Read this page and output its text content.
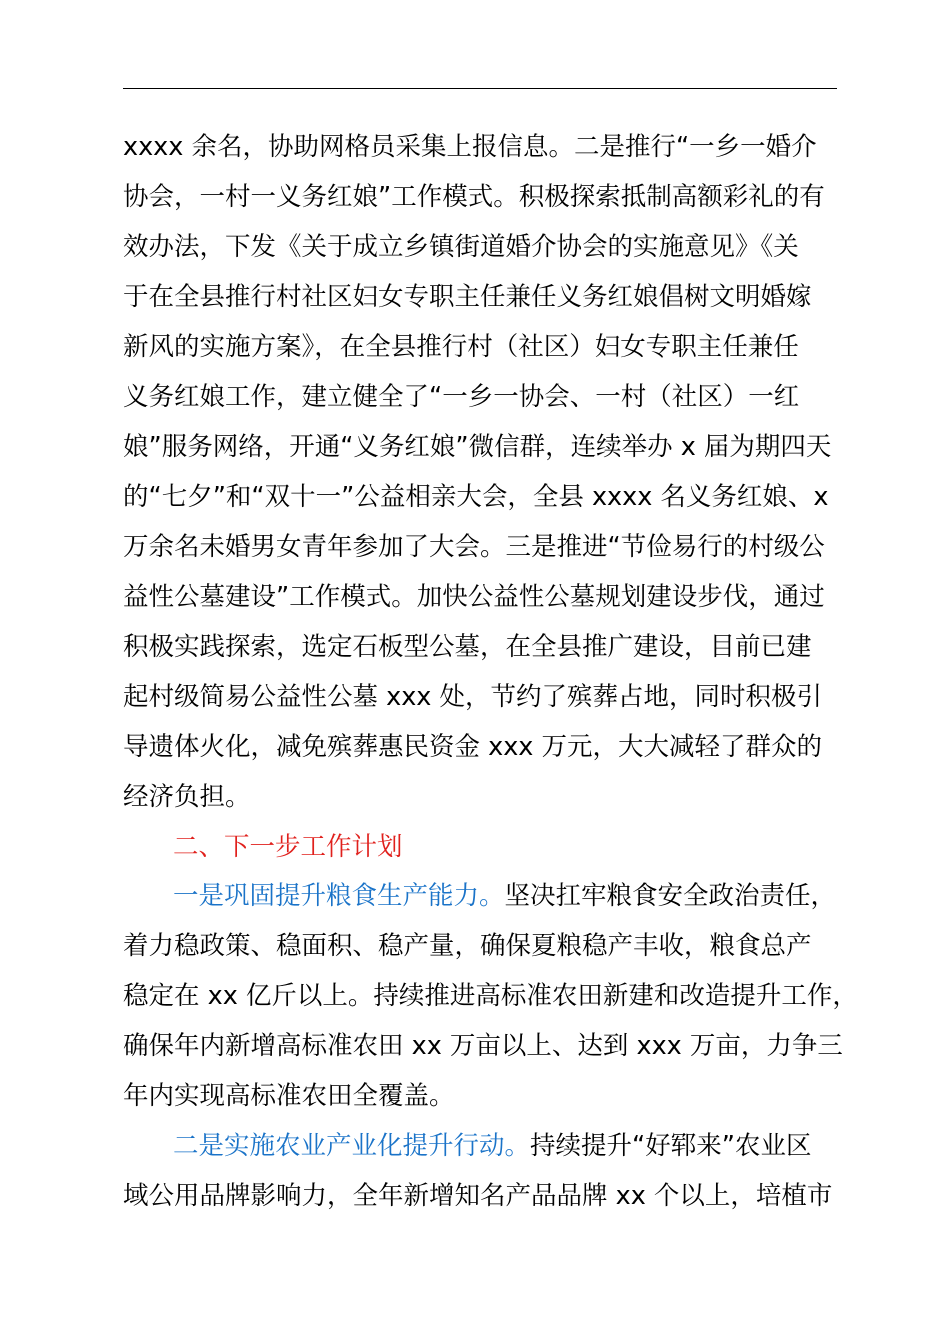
xxxx 余名，协助网格员采集上报信息。二是推行“一乡一婚介
协会，一村一义务红娘”工作模式。积极探索抵制高额彩礼的有
效办法，下发《关于成立乡镇街道婚介协会的实施意见》《关
于在全县推行村社区妇女专职主任兼任义务红娘倡树文明婚嫁
新风的实施方案》，在全县推行村（社区）妇女专职主任兼任
义务红娘工作，建立健全了“一乡一协会、一村（社区）一红
娘”服务网络，开通“义务红娘”微信群，连续举办 x 届为期四天
的“七夕”和“双十一”公益相亲大会，全县 xxxx 名义务红娘、x
万余名未婚男女青年参加了大会。三是推进“节俭易行的村级公
益性公墓建设”工作模式。加快公益性公墓规划建设步伐，通过
积极实践探索，选定石板型公墓，在全县推广建设，目前已建
起村级简易公益性公墓 xxx 处，节约了殡葬占地，同时积极引
导遗体火化，减免殡葬惠民资金 xxx 万元，大大减轻了群众的
经济负担。
二、下一步工作计划
一是巩固提升粮食生产能力。坚决扛牢粮食安全政治责任，
着力稳政策、稳面积、稳产量，确保夏粮稳产丰收，粮食总产
稳定在 xx 亿斤以上。持续推进高标准农田新建和改造提升工作，
确保年内新增高标准农田 xx 万亩以上、达到 xxx 万亩，力争三
年内实现高标准农田全覆盖。
二是实施农业产业化提升行动。持续提升“好郓来”农业区
域公用品牌影响力，全年新增知名产品品牌 xx 个以上，培植市
